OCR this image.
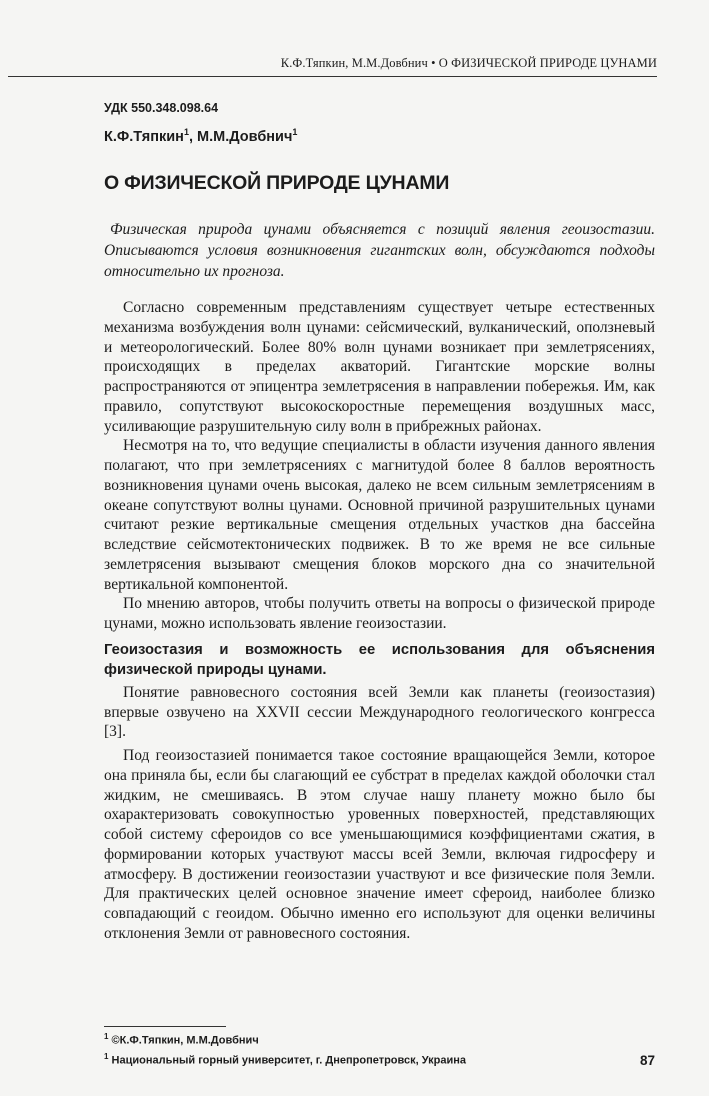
К.Ф.Тяпкин, М.М.Довбнич • О ФИЗИЧЕСКОЙ ПРИРОДЕ ЦУНАМИ
УДК 550.348.098.64
К.Ф.Тяпкин$^1$, М.М.Довбнич$^1$
О ФИЗИЧЕСКОЙ ПРИРОДЕ ЦУНАМИ

Физическая природа цунами объясняется с позиций явления геоизостазии. Описываются условия возникновения гигантских волн, обсуждаются подходы относительно их прогноза.

Согласно современным представлениям существует четыре естественных механизма возбуждения волн цунами: сейсмический, вулканический, оползневый и метеорологический. Более 80% волн цунами возникает при землетрясениях, происходящих в пределах акваторий. Гигантские морские волны распространяются от эпицентра землетрясения в направлении побережья. Им, как правило, сопутствуют высокоскоростные перемещения воздушных масс, усиливающие разрушительную силу волн в прибрежных районах.

Несмотря на то, что ведущие специалисты в области изучения данного явления полагают, что при землетрясениях с магнитудой более 8 баллов вероятность возникновения цунами очень высокая, далеко не всем сильным землетрясениям в океане сопутствуют волны цунами. Основной причиной разрушительных цунами считают резкие вертикальные смещения отдельных участков дна бассейна вследствие сейсмотектонических подвижек. В то же время не все сильные землетрясения вызывают смещения блоков морского дна со значительной вертикальной компонентой.

По мнению авторов, чтобы получить ответы на вопросы о физической природе цунами, можно использовать явление геоизостазии.

Геоизостазия и возможность ее использования для объяснения физической природы цунами.

Понятие равновесного состояния всей Земли как планеты (геоизостазия) впервые озвучено на XXVII сессии Международного геологического конгресса [3].

Под геоизостазией понимается такое состояние вращающейся Земли, которое она приняла бы, если бы слагающий ее субстрат в пределах каждой оболочки стал жидким, не смешиваясь. В этом случае нашу планету можно было бы охарактеризовать совокупностью уровенных поверхностей, представляющих собой систему сфероидов со все уменьшающимися коэффициентами сжатия, в формировании которых участвуют массы всей Земли, включая гидросферу и атмосферу. В достижении геоизостазии участвуют и все физические поля Земли. Для практических целей основное значение имеет сфероид, наиболее близко совпадающий с геоидом. Обычно именно его используют для оценки величины отклонения Земли от равновесного состояния.

$^1$ ©К.Ф.Тяпкин, М.М.Довбнич
$^1$ Национальный горный университет, г. Днепропетровск, Украина	87
